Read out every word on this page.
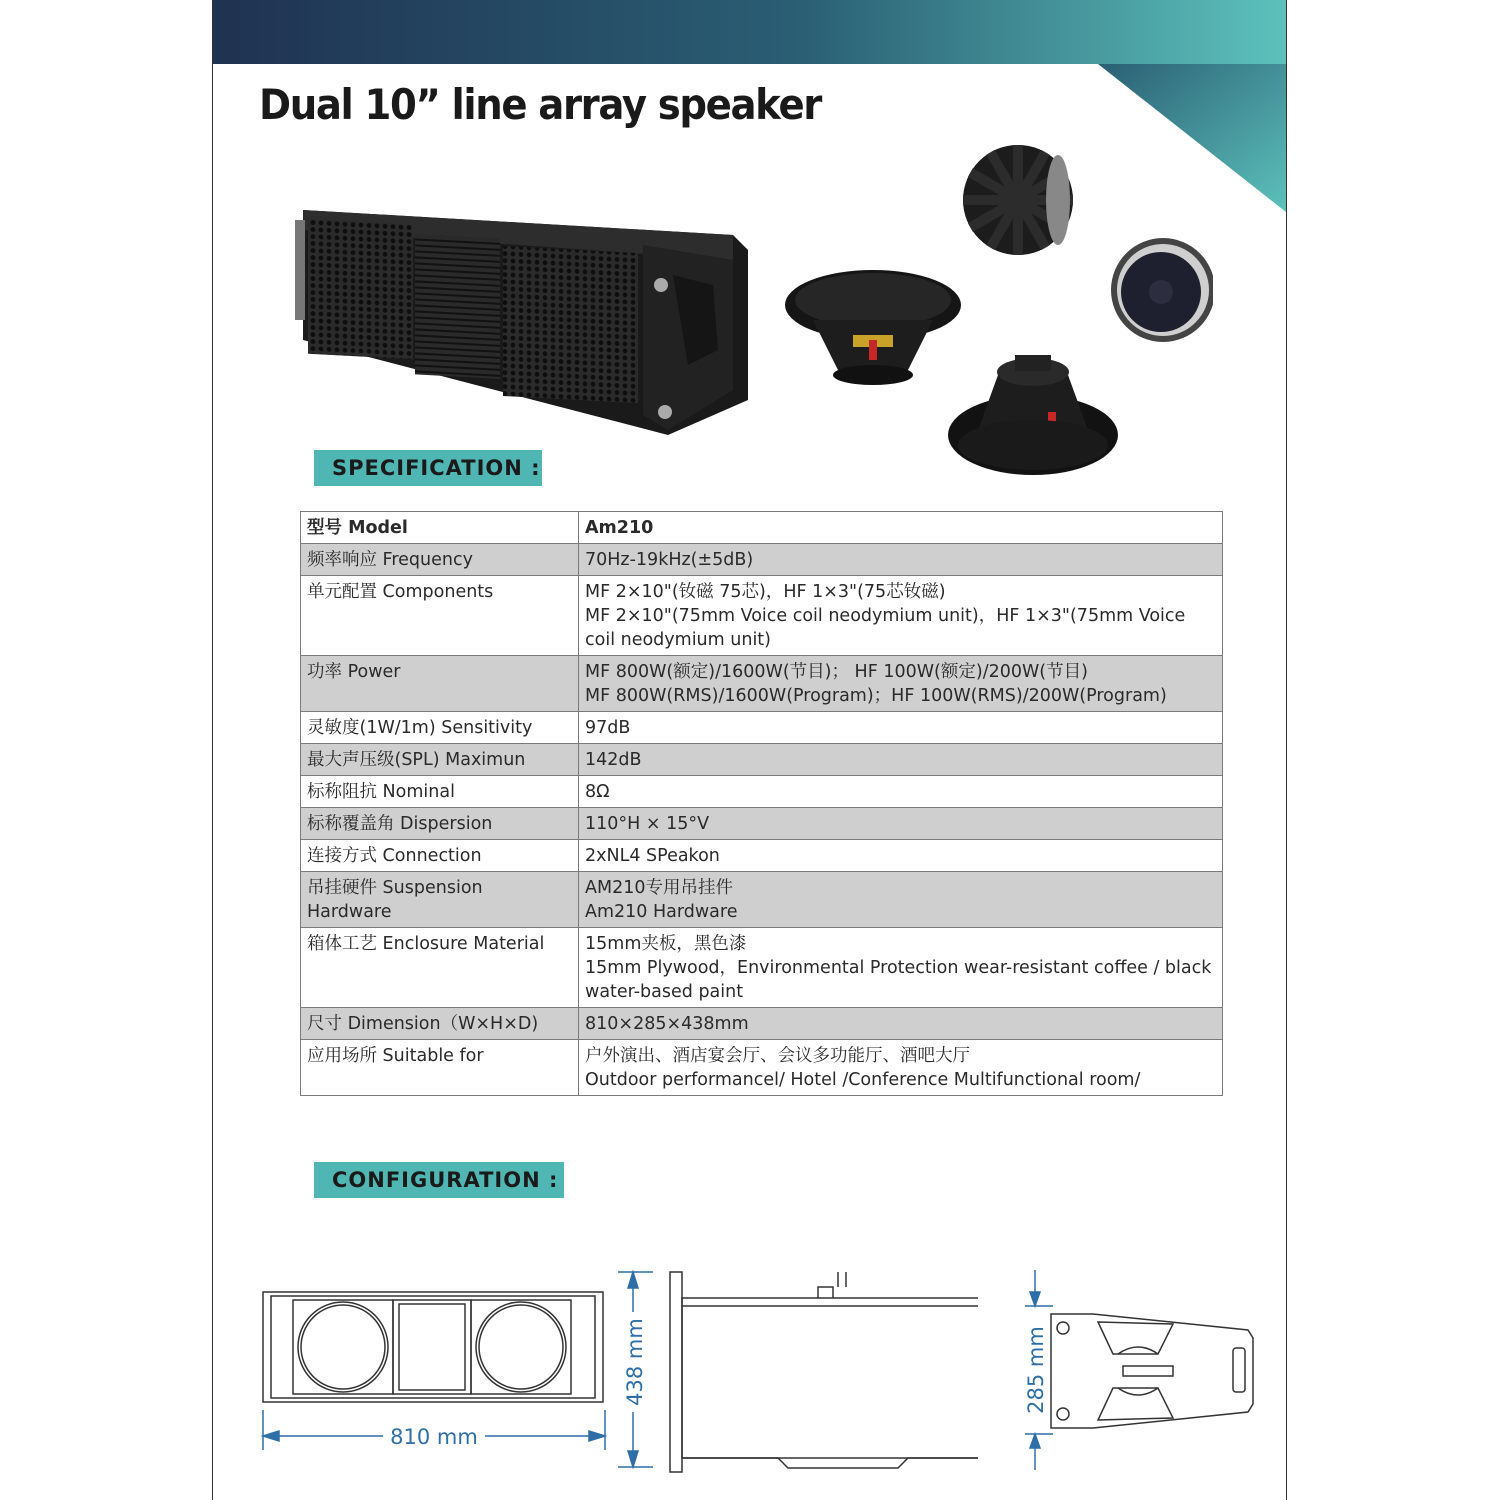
Dual 10” line array speaker
SPECIFICATION :
型号 Model	Am210

频率响应 Frequency	70Hz-19kHz(±5dB)

单元配置 Components	MF 2×10"(钕磁 75芯)，HF 1×3"(75芯钕磁)
MF 2×10"(75mm Voice coil neodymium unit)，HF 1×3"(75mm Voice coil neodymium unit)

功率 Power	MF 800W(额定)/1600W(节目)； HF 100W(额定)/200W(节目)
MF 800W(RMS)/1600W(Program)；HF 100W(RMS)/200W(Program)

灵敏度(1W/1m) Sensitivity	97dB

最大声压级(SPL) Maximun	142dB

标称阻抗 Nominal	8Ω

标称覆盖角 Dispersion	110°H × 15°V

连接方式 Connection	2xNL4 SPeakon

吊挂硬件 Suspension Hardware	AM210专用吊挂件
Am210 Hardware

箱体工艺 Enclosure Material	15mm夹板，黑色漆
15mm Plywood，Environmental Protection wear-resistant coffee / black water-based paint

尺寸 Dimension（W×H×D)	810×285×438mm

应用场所 Suitable for	户外演出、酒店宴会厅、会议多功能厅、酒吧大厅
Outdoor performancel/ Hotel /Conference Multifunctional room/
CONFIGURATION :
810 mm
438 mm	285 mm
